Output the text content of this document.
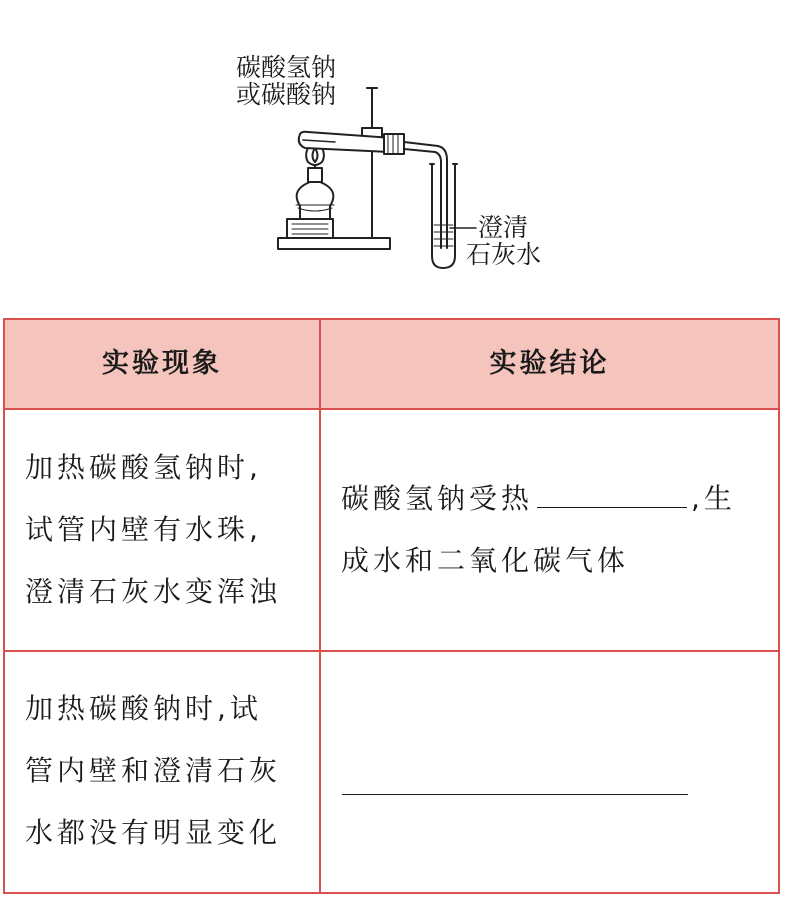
碳酸氢钠
或碳酸钠
澄清
石灰水
实验现象	实验结论
加热碳酸氢钠时,
试管内壁有水珠,
澄清石灰水变浑浊
碳酸氢钠受热	,生
成水和二氧化碳气体
加热碳酸钠时,试
管内壁和澄清石灰
水都没有明显变化
